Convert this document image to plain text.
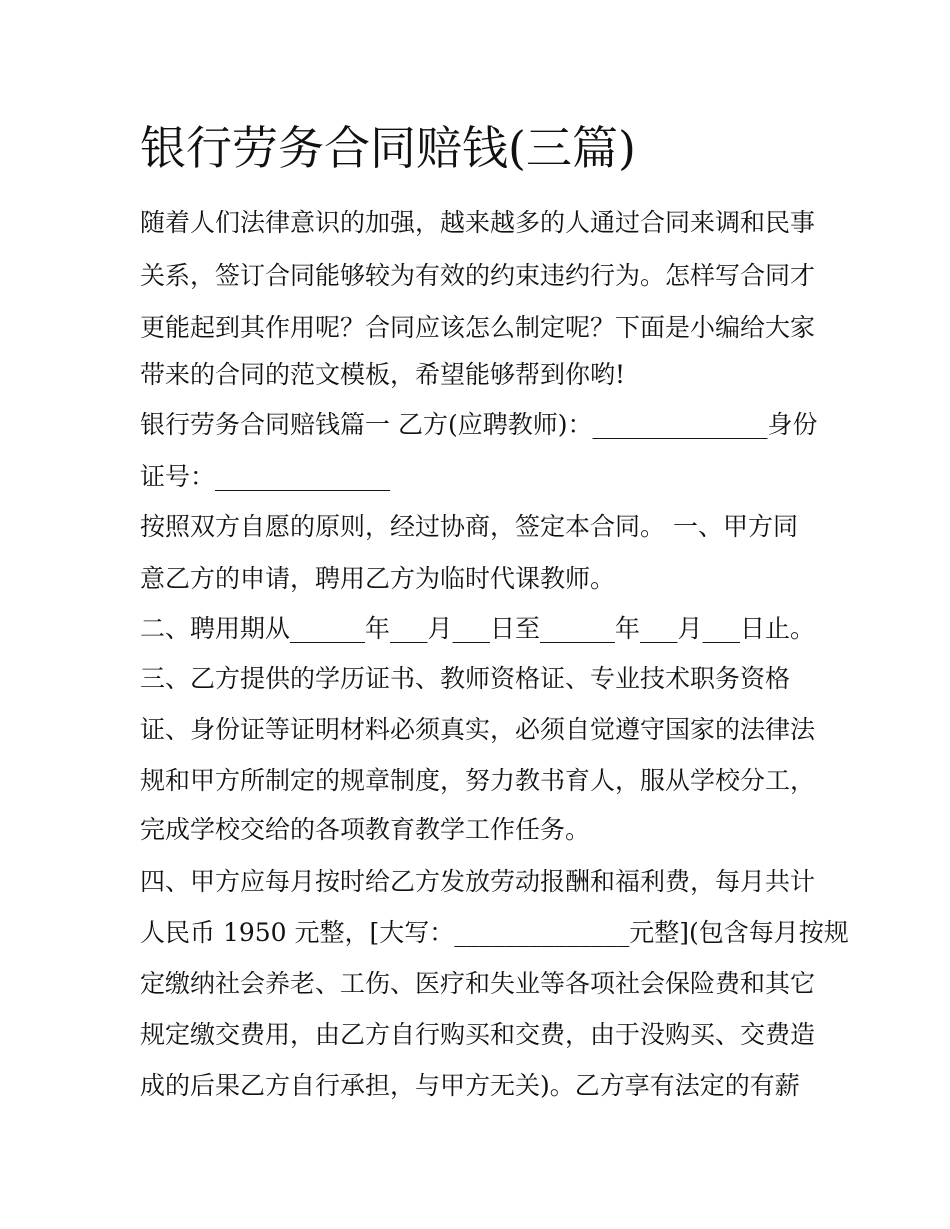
银行劳务合同赔钱(三篇)

随着人们法律意识的加强，越来越多的人通过合同来调和民事

关系，签订合同能够较为有效的约束违约行为。怎样写合同才

更能起到其作用呢？合同应该怎么制定呢？下面是小编给大家

带来的合同的范文模板，希望能够帮到你哟!

银行劳务合同赔钱篇一 乙方(应聘教师)：______________身份

证号：______________

按照双方自愿的原则，经过协商，签定本合同。 一、甲方同

意乙方的申请，聘用乙方为临时代课教师。

二、聘用期从______年___月___日至______年___月___日止。

三、乙方提供的学历证书、教师资格证、专业技术职务资格

证、身份证等证明材料必须真实，必须自觉遵守国家的法律法

规和甲方所制定的规章制度，努力教书育人，服从学校分工，

完成学校交给的各项教育教学工作任务。

四、甲方应每月按时给乙方发放劳动报酬和福利费，每月共计

人民币 1950 元整，[大写：______________元整](包含每月按规

定缴纳社会养老、工伤、医疗和失业等各项社会保险费和其它

规定缴交费用，由乙方自行购买和交费，由于没购买、交费造

成的后果乙方自行承担，与甲方无关)。乙方享有法定的有薪
